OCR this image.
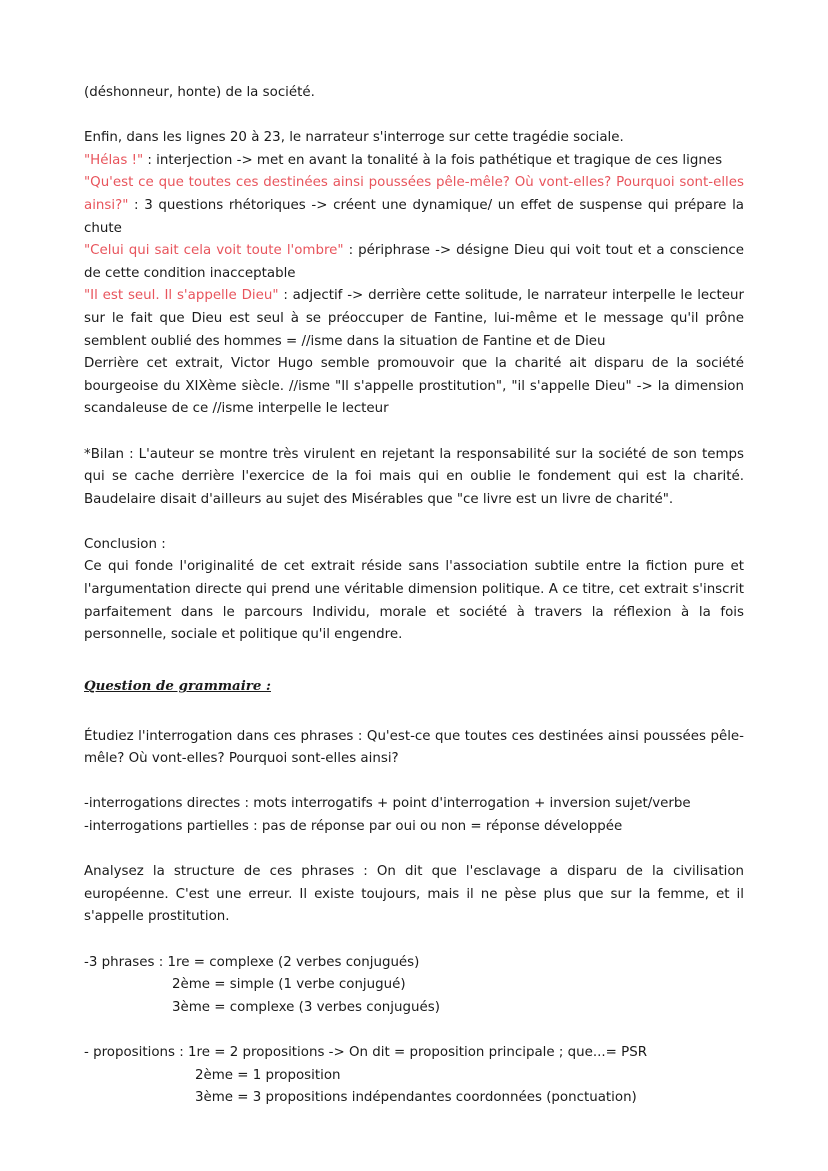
(déshonneur, honte) de la société.

Enfin, dans les lignes 20 à 23, le narrateur s'interroge sur cette tragédie sociale.

"Hélas !" : interjection -> met en avant la tonalité à la fois pathétique et tragique de ces lignes

"Qu'est ce que toutes ces destinées ainsi poussées pêle-mêle? Où vont-elles? Pourquoi sont-elles ainsi?" : 3 questions rhétoriques -> créent une dynamique/ un effet de suspense qui prépare la chute

"Celui qui sait cela voit toute l'ombre" : périphrase -> désigne Dieu qui voit tout et a conscience de cette condition inacceptable

"Il est seul. Il s'appelle Dieu" : adjectif -> derrière cette solitude, le narrateur interpelle le lecteur sur le fait que Dieu est seul à se préoccuper de Fantine, lui-même et le message qu'il prône semblent oublié des hommes = //isme dans la situation de Fantine et de Dieu

Derrière cet extrait, Victor Hugo semble promouvoir que la charité ait disparu de la société bourgeoise du XIXème siècle. //isme "Il s'appelle prostitution", "il s'appelle Dieu" -> la dimension scandaleuse de ce //isme interpelle le lecteur

*Bilan : L'auteur se montre très virulent en rejetant la responsabilité sur la société de son temps qui se cache derrière l'exercice de la foi mais qui en oublie le fondement qui est la charité. Baudelaire disait d'ailleurs au sujet des Misérables que "ce livre est un livre de charité".

Conclusion :

Ce qui fonde l'originalité de cet extrait réside sans l'association subtile entre la fiction pure et l'argumentation directe qui prend une véritable dimension politique. A ce titre, cet extrait s'inscrit parfaitement dans le parcours Individu, morale et société à travers la réflexion à la fois personnelle, sociale et politique qu'il engendre.

Question de grammaire :

Étudiez l'interrogation dans ces phrases : Qu'est-ce que toutes ces destinées ainsi poussées pêle-mêle? Où vont-elles? Pourquoi sont-elles ainsi?

-interrogations directes : mots interrogatifs + point d'interrogation + inversion sujet/verbe

-interrogations partielles : pas de réponse par oui ou non = réponse développée

Analysez la structure de ces phrases : On dit que l'esclavage a disparu de la civilisation européenne. C'est une erreur. Il existe toujours, mais il ne pèse plus que sur la femme, et il s'appelle prostitution.

-3 phrases : 1re = complexe (2 verbes conjugués)

2ème = simple (1 verbe conjugué)

3ème = complexe (3 verbes conjugués)

- propositions : 1re = 2 propositions -> On dit = proposition principale ; que...= PSR

2ème = 1 proposition

3ème = 3 propositions indépendantes coordonnées (ponctuation)
